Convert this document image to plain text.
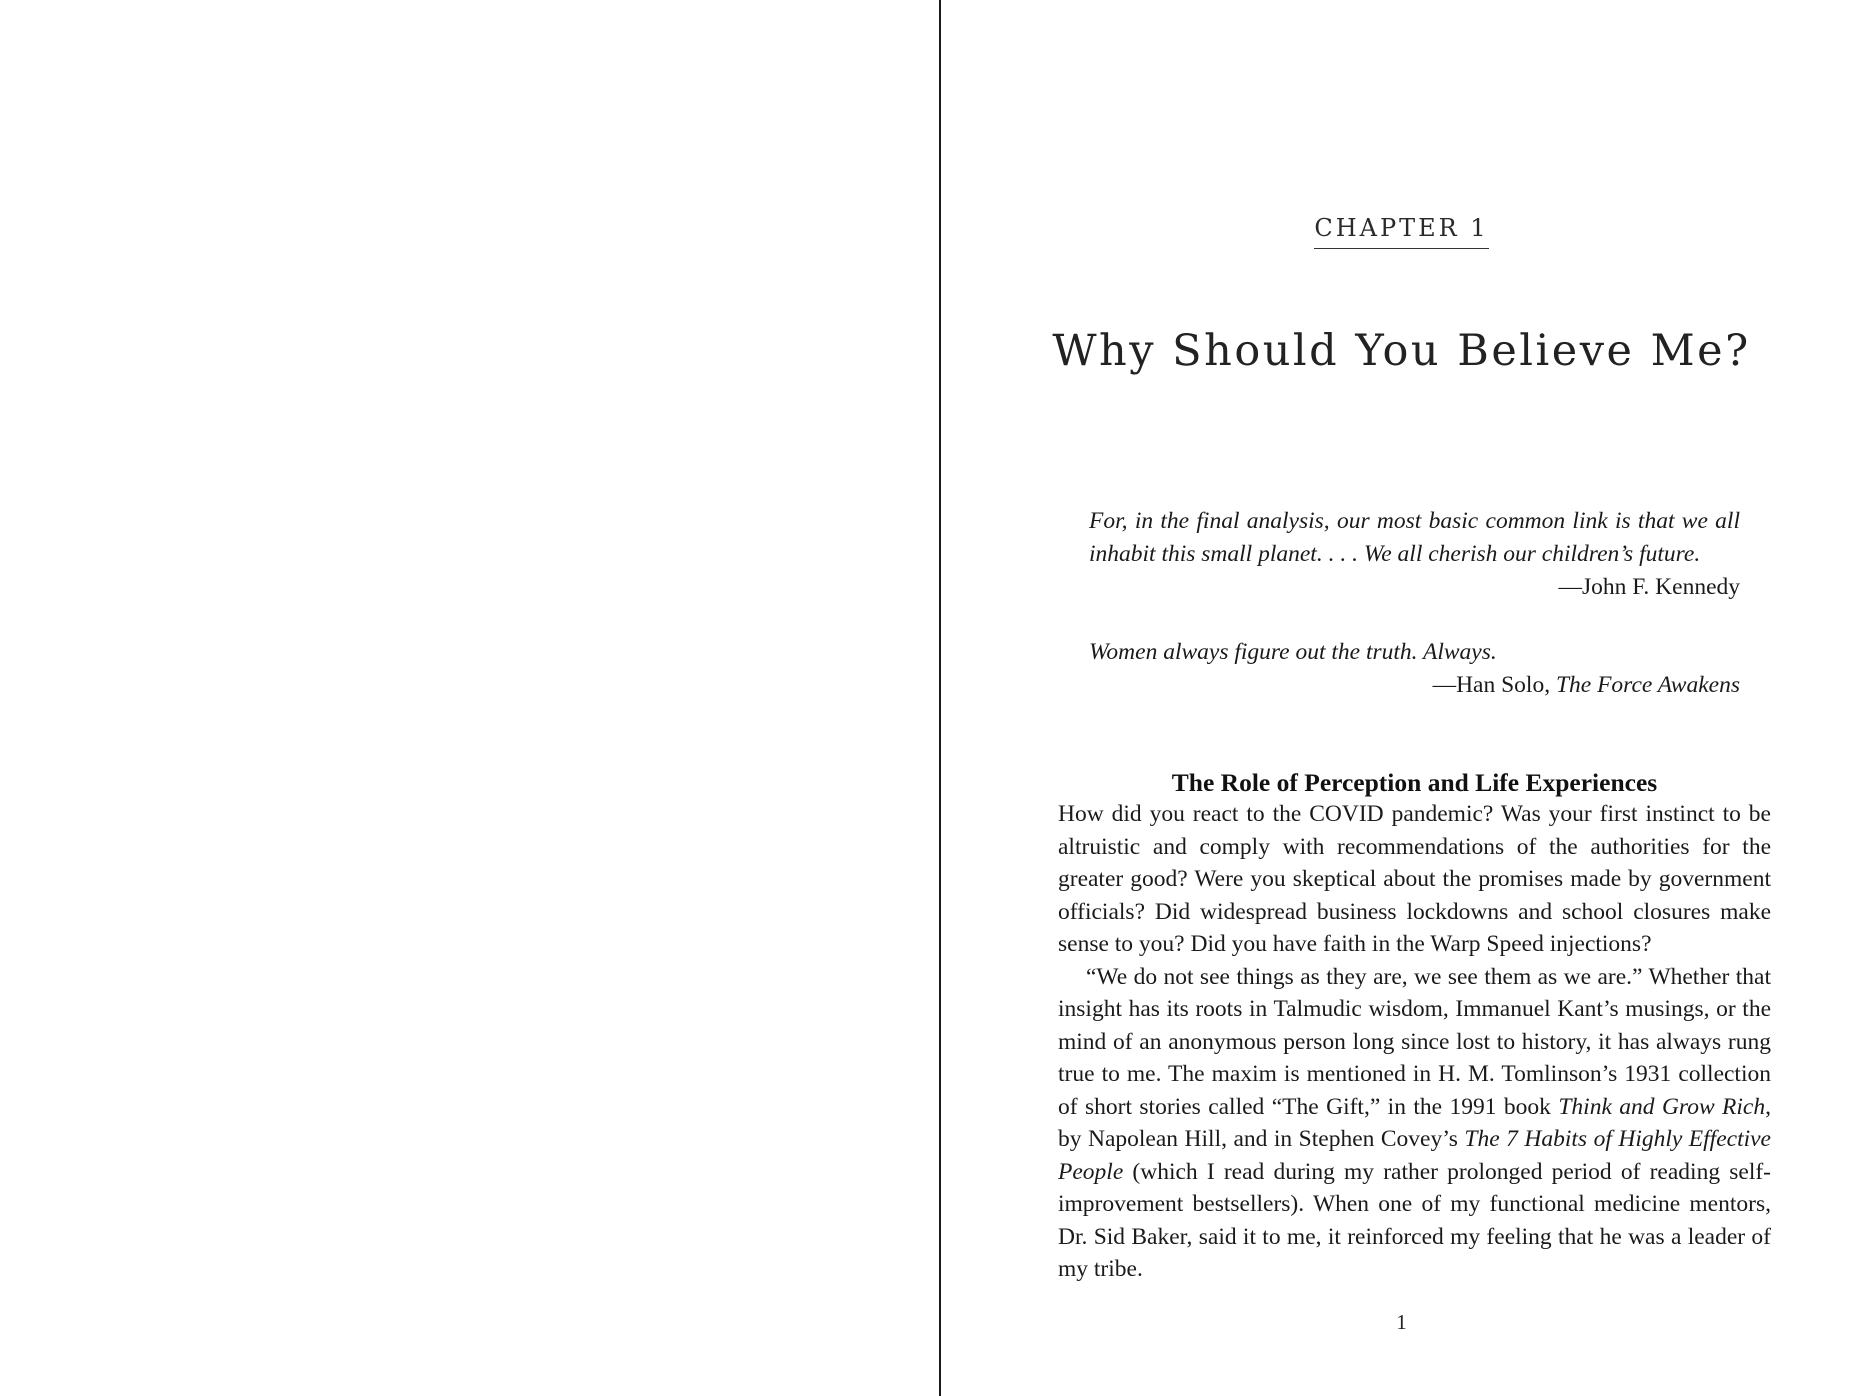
CHAPTER 1
Why Should You Believe Me?

For, in the final analysis, our most basic common link is that we all inhabit this small planet. . . . We all cherish our children’s future.

—John F. Kennedy

Women always figure out the truth. Always.

—Han Solo, The Force Awakens

The Role of Perception and Life Experiences

How did you react to the COVID pandemic? Was your first instinct to be altruistic and comply with recommendations of the authorities for the greater good? Were you skeptical about the promises made by government officials? Did widespread business lockdowns and school closures make sense to you? Did you have faith in the Warp Speed injections?

“We do not see things as they are, we see them as we are.” Whether that insight has its roots in Talmudic wisdom, Immanuel Kant’s musings, or the mind of an anonymous person long since lost to history, it has always rung true to me. The maxim is mentioned in H. M. Tomlinson’s 1931 collection of short stories called “The Gift,” in the 1991 book Think and Grow Rich, by Napolean Hill, and in Stephen Covey’s The 7 Habits of Highly Effective People (which I read during my rather prolonged period of reading self-improvement bestsellers). When one of my functional medicine mentors, Dr. Sid Baker, said it to me, it reinforced my feeling that he was a leader of my tribe.

1
